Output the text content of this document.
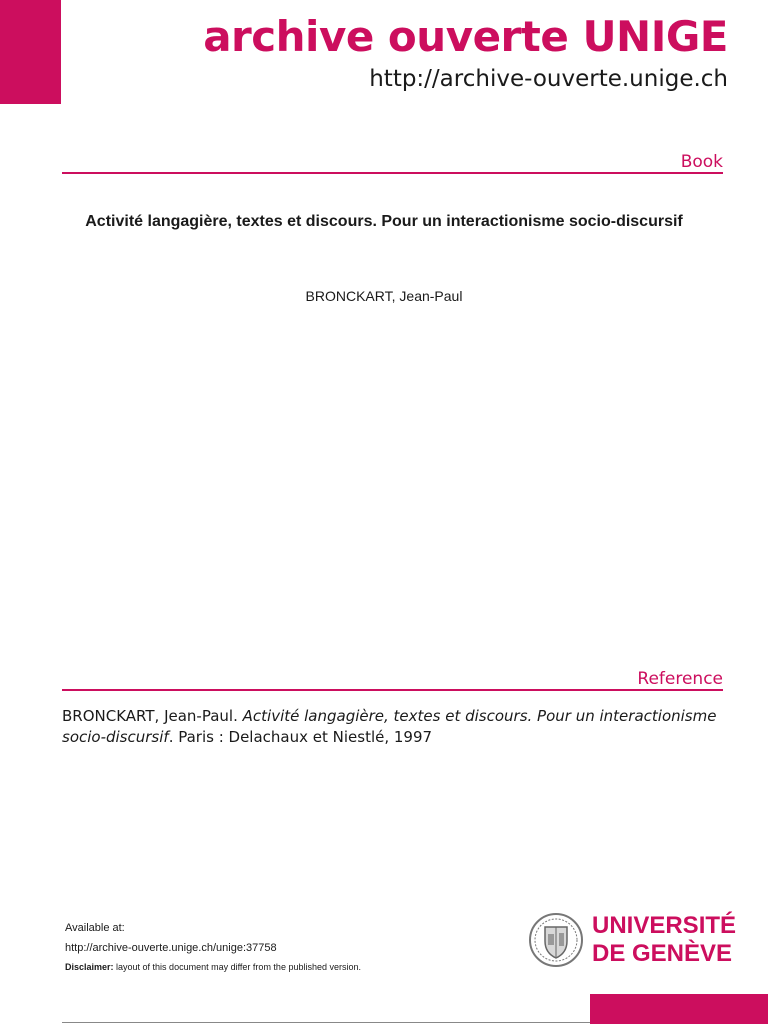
archive ouverte UNIGE
http://archive-ouverte.unige.ch
Book
Activité langagière, textes et discours. Pour un interactionisme socio-discursif
BRONCKART, Jean-Paul
Reference
BRONCKART, Jean-Paul. Activité langagière, textes et discours. Pour un interactionisme socio-discursif. Paris : Delachaux et Niestlé, 1997
Available at:
http://archive-ouverte.unige.ch/unige:37758
Disclaimer: layout of this document may differ from the published version.
UNIVERSITÉ
DE GENÈVE
